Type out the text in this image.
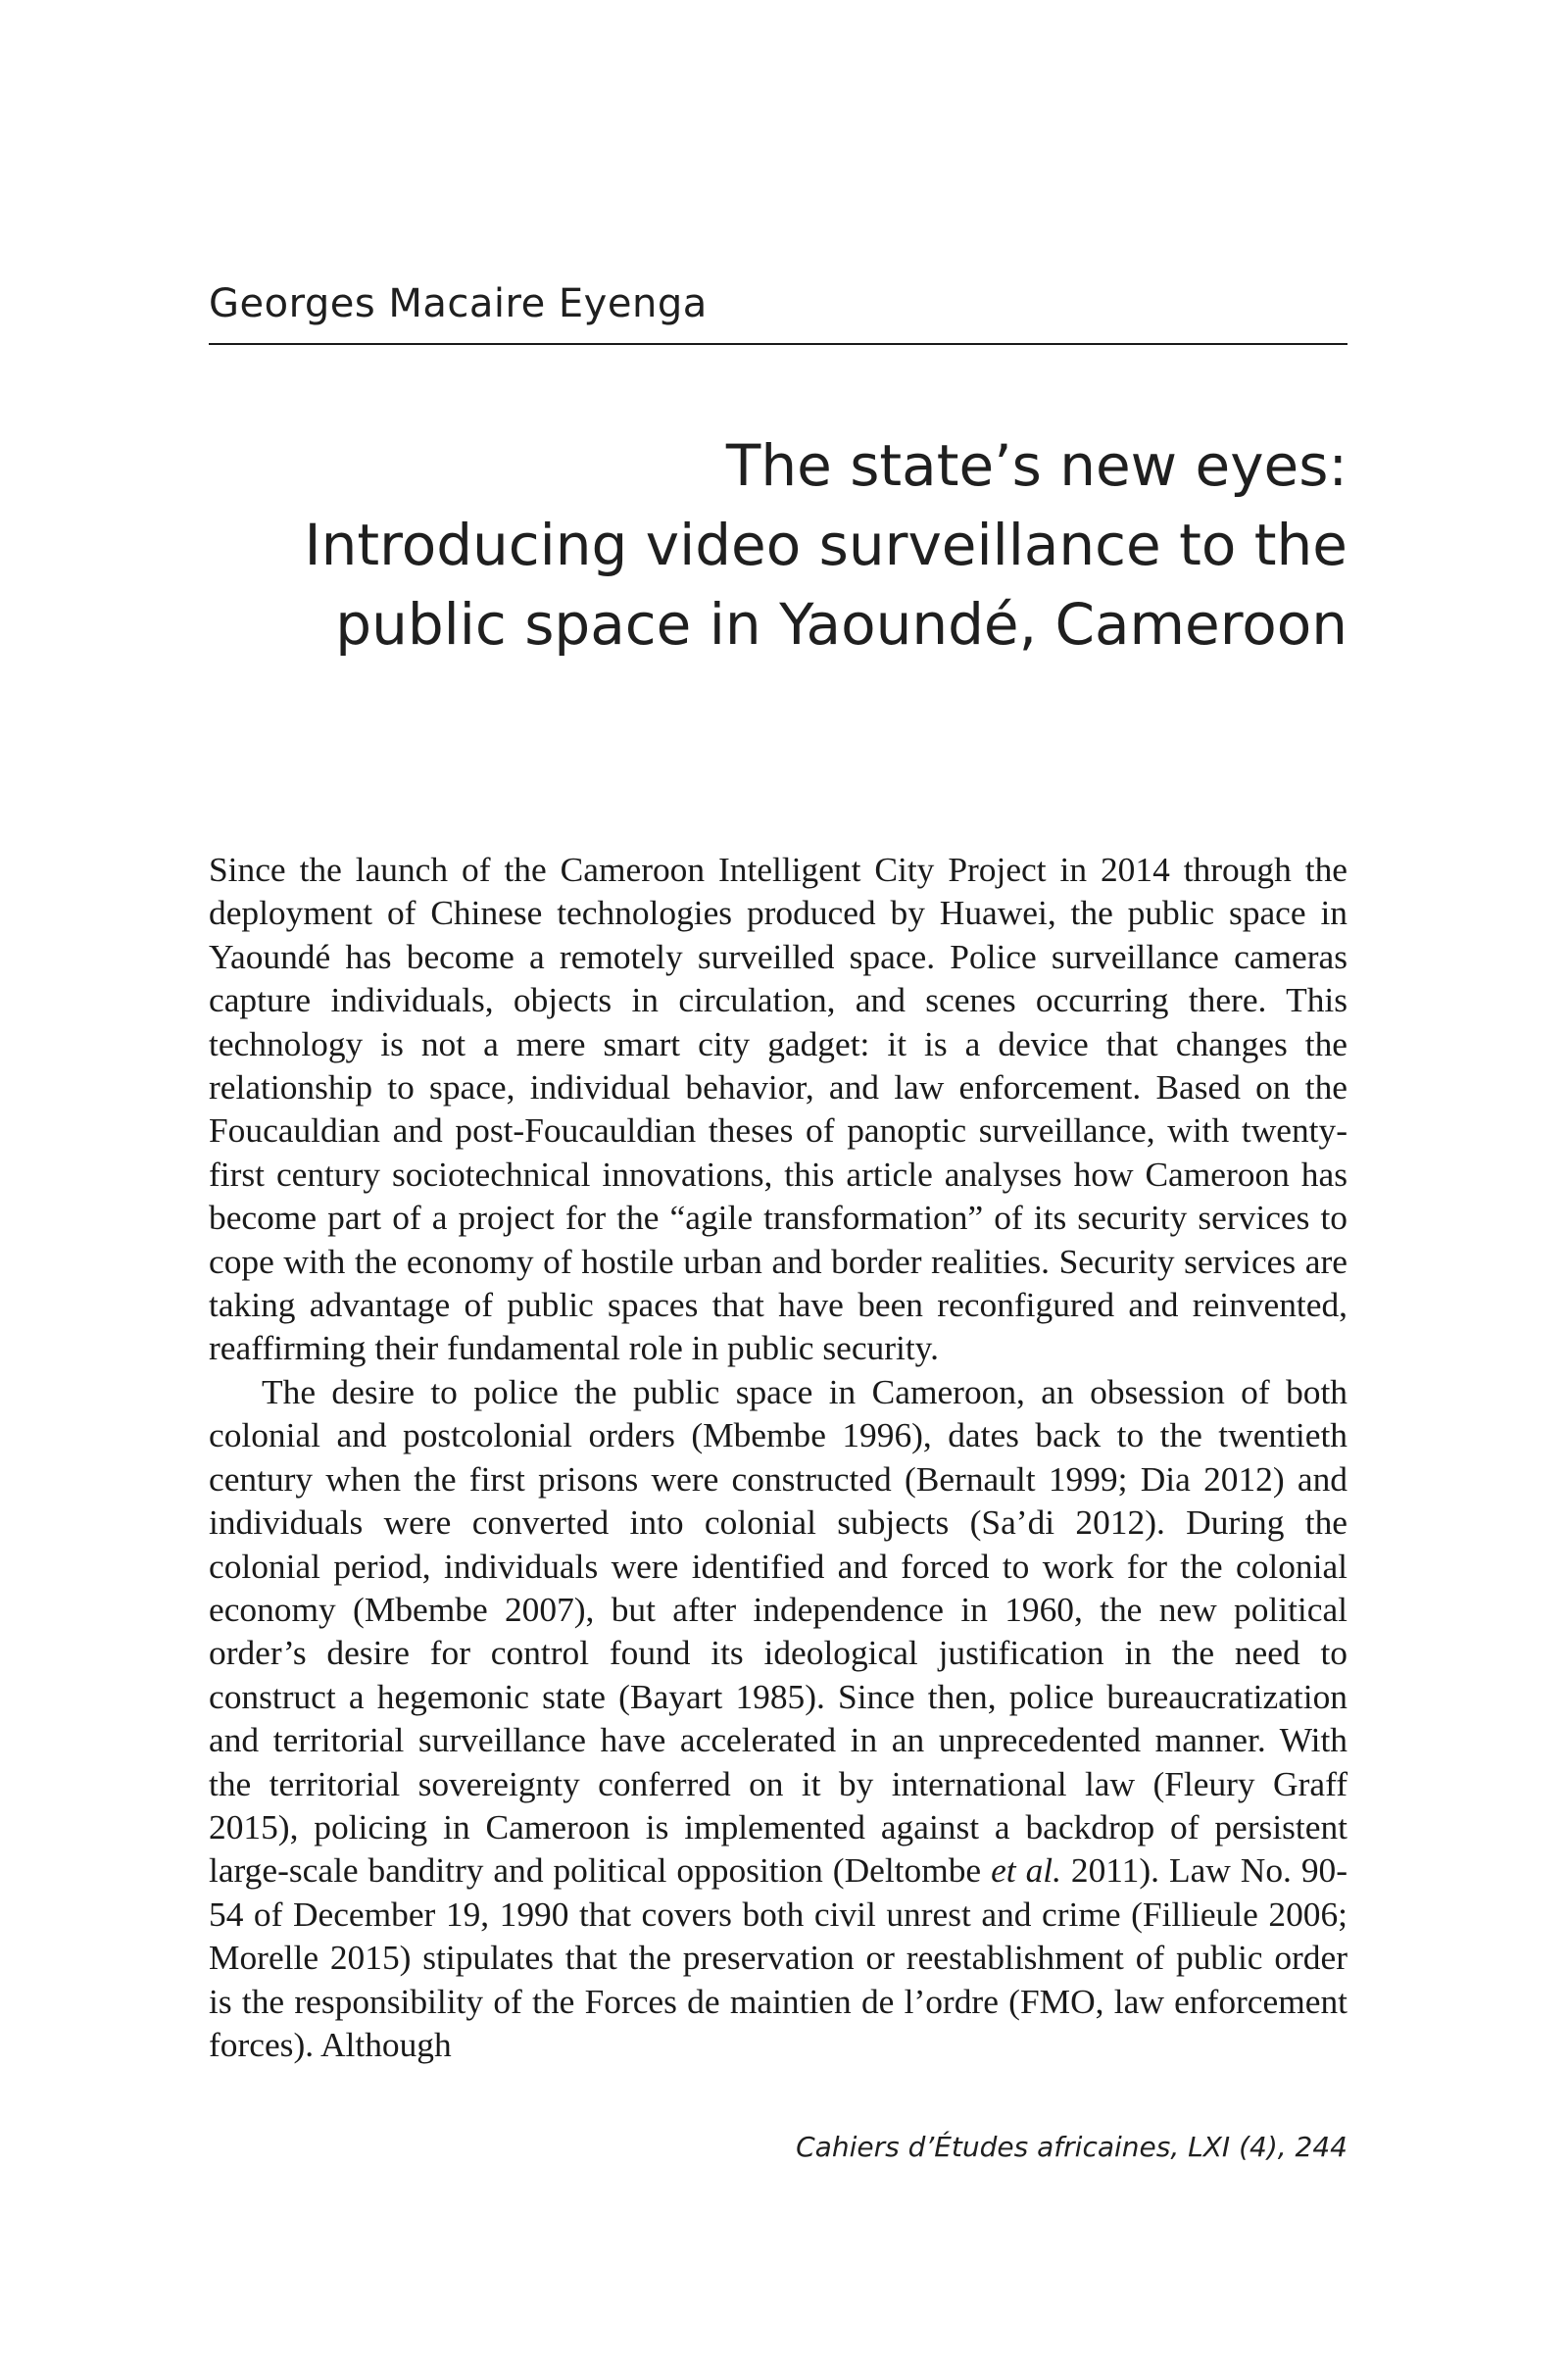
Georges Macaire Eyenga
The state’s new eyes:
Introducing video surveillance to the
public space in Yaoundé, Cameroon

Since the launch of the Cameroon Intelligent City Project in 2014 through the deployment of Chinese technologies produced by Huawei, the public space in Yaoundé has become a remotely surveilled space. Police surveillance cameras capture individuals, objects in circulation, and scenes occurring there. This technology is not a mere smart city gadget: it is a device that changes the relationship to space, individual behavior, and law enforcement. Based on the Foucauldian and post-Foucauldian theses of panoptic surveillance, with twenty-first century sociotechnical innovations, this article analyses how Cameroon has become part of a project for the “agile transformation” of its security services to cope with the economy of hostile urban and border realities. Security services are taking advantage of public spaces that have been reconfigured and reinvented, reaffirming their fundamental role in public security.

The desire to police the public space in Cameroon, an obsession of both colonial and postcolonial orders (Mbembe 1996), dates back to the twentieth century when the first prisons were constructed (Bernault 1999; Dia 2012) and individuals were converted into colonial subjects (Sa’di 2012). During the colonial period, individuals were identified and forced to work for the colonial economy (Mbembe 2007), but after independence in 1960, the new political order’s desire for control found its ideological justification in the need to construct a hegemonic state (Bayart 1985). Since then, police bureaucratization and territorial surveillance have accelerated in an unprecedented manner. With the territorial sovereignty conferred on it by international law (Fleury Graff 2015), policing in Cameroon is implemented against a backdrop of persistent large-scale banditry and political opposition (Deltombe et al. 2011). Law No. 90-54 of December 19, 1990 that covers both civil unrest and crime (Fillieule 2006; Morelle 2015) stipulates that the preservation or reestablishment of public order is the responsibility of the Forces de maintien de l’ordre (FMO, law enforcement forces). Although

Cahiers d’Études africaines, LXI (4), 244
